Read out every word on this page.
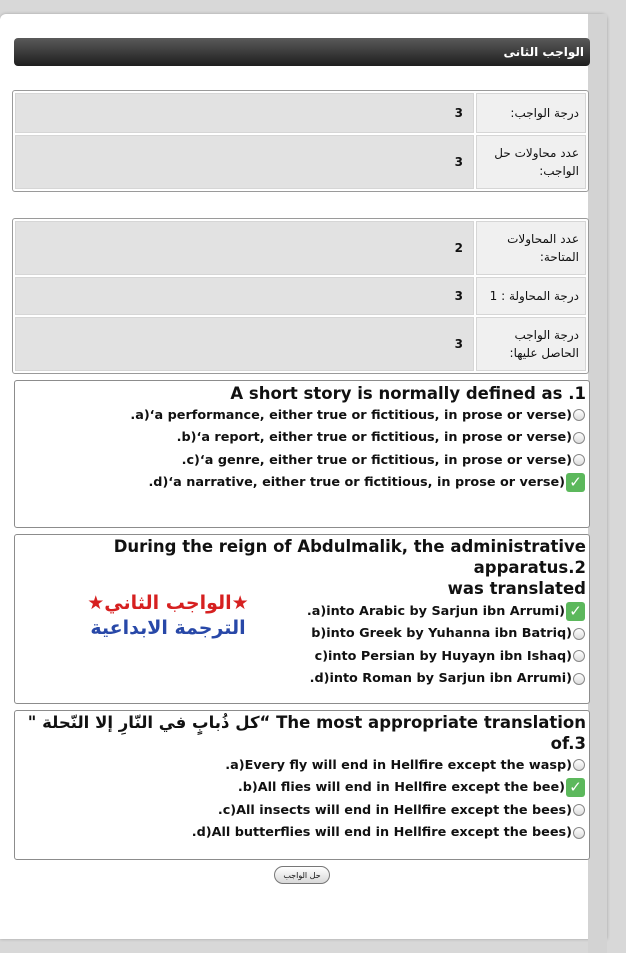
الواجب الثانى
درجة الواجب:
3
عدد محاولات حل الواجب:
3
عدد المحاولات المتاحة:
2
درجة المحاولة : 1
3
درجة الواجب الحاصل عليها:
3
A short story is normally defined as .1
.a)‘a performance, either true or fictitious, in prose or verse)
.b)‘a report, either true or fictitious, in prose or verse)
.c)‘a genre, either true or fictitious, in prose or verse)
.d)‘a narrative, either true or fictitious, in prose or verse) ✓
During the reign of Abdulmalik, the administrative apparatus.2
was translated
.a)into Arabic by Sarjun ibn Arrumi) ✓
b)into Greek by Yuhanna ibn Batriq)
c)into Persian by Huyayn ibn Ishaq)
.d)into Roman by Sarjun ibn Arrumi)
★الواجب الثاني★
الترجمة الابداعية
" كل ذُبابٍ في النّارِ إلا النّحلة“ The most appropriate translation of.3
.a)Every fly will end in Hellfire except the wasp)
.b)All flies will end in Hellfire except the bee) ✓
.c)All insects will end in Hellfire except the bees)
.d)All butterflies will end in Hellfire except the bees)
حل الواجب
